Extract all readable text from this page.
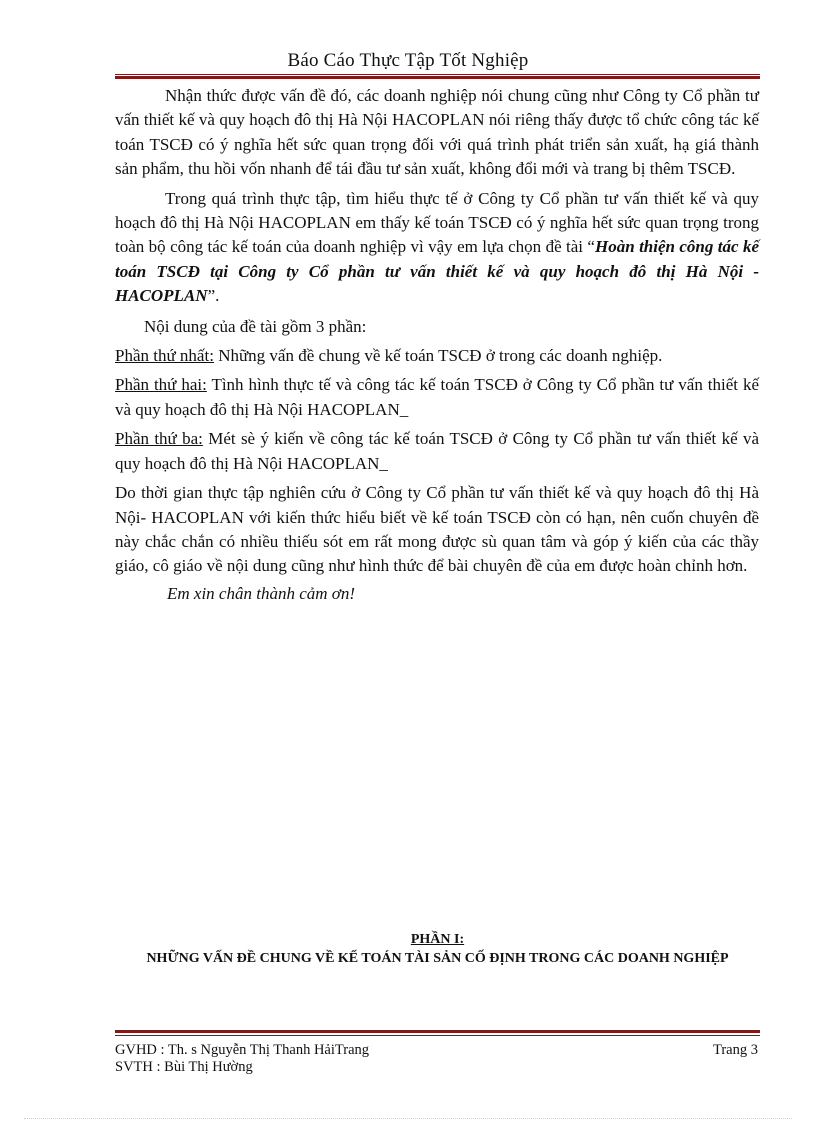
Báo Cáo Thực Tập Tốt Nghiệp

Nhận thức được vấn đề đó, các doanh nghiệp nói chung cũng như Công ty Cổ phần tư vấn thiết kế và quy hoạch đô thị Hà Nội HACOPLAN nói riêng thấy được tổ chức công tác kế toán TSCĐ có ý nghĩa hết sức quan trọng đối với quá trình phát triển sản xuất, hạ giá thành sản phẩm, thu hồi vốn nhanh để tái đầu tư sản xuất, không đổi mới và trang bị thêm TSCĐ.

Trong quá trình thực tập, tìm hiểu thực tế ở Công ty Cổ phần tư vấn thiết kế và quy hoạch đô thị Hà Nội HACOPLAN em thấy kế toán TSCĐ có ý nghĩa hết sức quan trọng trong toàn bộ công tác kế toán của doanh nghiệp vì vậy em lựa chọn đề tài “Hoàn thiện công tác kế toán TSCĐ tại Công ty Cổ phần tư vấn thiết kế và quy hoạch đô thị Hà Nội - HACOPLAN”.

Nội dung của đề tài gồm 3 phần:

Phần thứ nhất: Những vấn đề chung về kế toán TSCĐ ở trong các doanh nghiệp.

Phần thứ hai: Tình hình thực tế và công tác kế toán TSCĐ ở Công ty Cổ phần tư vấn thiết kế và quy hoạch đô thị Hà Nội HACOPLAN_

Phần thứ ba: Mét sè ý kiến về công tác kế toán TSCĐ ở Công ty Cổ phần tư vấn thiết kế và quy hoạch đô thị Hà Nội HACOPLAN_

Do thời gian thực tập nghiên cứu ở Công ty Cổ phần tư vấn thiết kế và quy hoạch đô thị Hà Nội- HACOPLAN với kiến thức hiểu biết về kế toán TSCĐ còn có hạn, nên cuốn chuyên đề này chắc chắn có nhiều thiếu sót em rất mong được sù quan tâm và góp ý kiến của các thầy giáo, cô giáo về nội dung cũng như hình thức để bài chuyên đề của em được hoàn chỉnh hơn.

Em xin chân thành cảm ơn!

PHẦN I:
NHỮNG VẤN ĐỀ CHUNG VỀ KẾ TOÁN TÀI SẢN CỐ ĐỊNH TRONG CÁC DOANH NGHIỆP
GVHD : Th. s Nguyễn Thị Thanh HảiTrang
SVTH : Bùi Thị Hường
Trang 3
